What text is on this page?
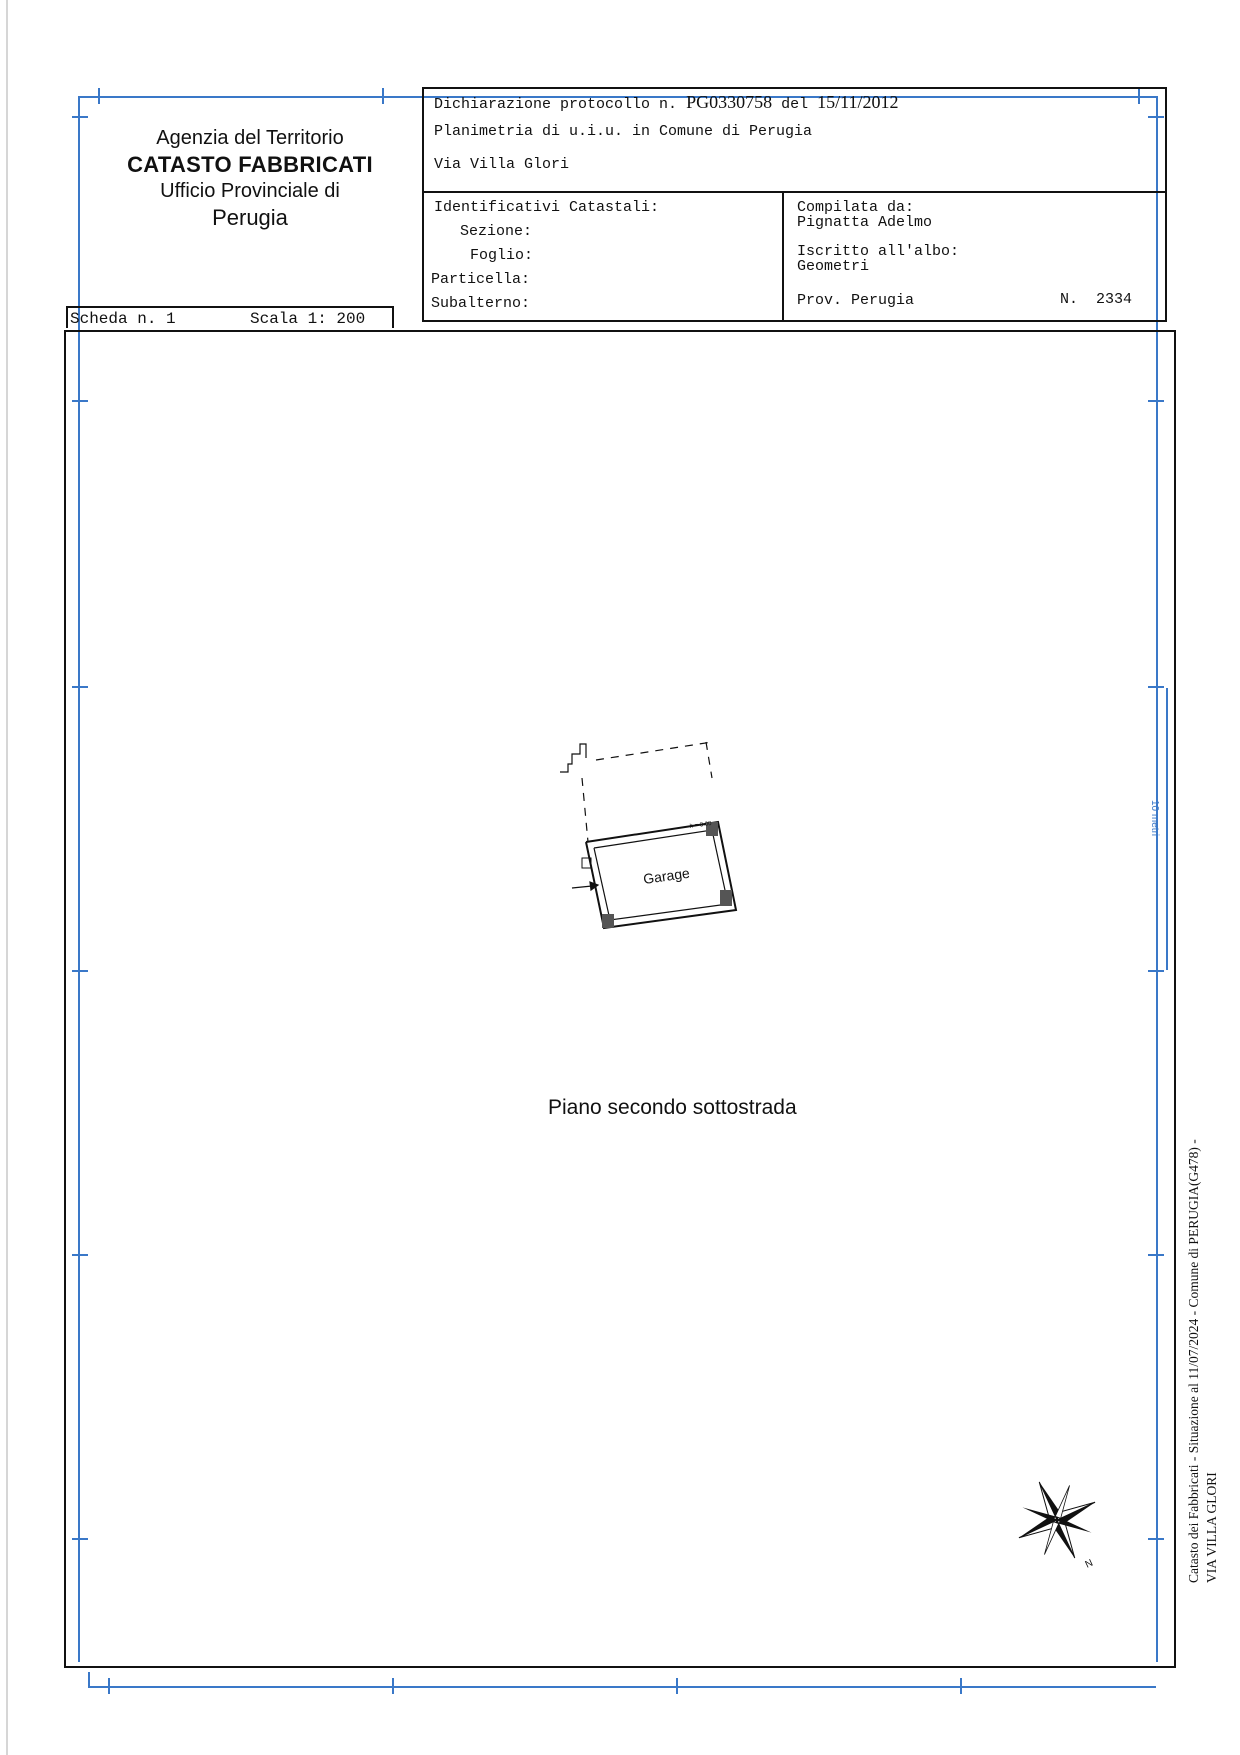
Agenzia del Territorio
CATASTO FABBRICATI
Ufficio Provinciale di
Perugia
Scheda n. 1	Scala 1: 200
Dichiarazione protocollo n. PG0330758 del 15/11/2012
Planimetria di u.i.u. in Comune di Perugia
Via Villa Glori
Identificativi Catastali:
Sezione:
Foglio:
Particella:
Subalterno:
Compilata da:
Pignatta Adelmo
Iscritto all'albo:
Geometri
Prov. Perugia	N.  2334
Garage
h = 3.00
Piano secondo sottostrada
10 metri
N	Catasto dei Fabbricati - Situazione al 11/07/2024 - Comune di PERUGIA(G478) - VIA VILLA GLORI
